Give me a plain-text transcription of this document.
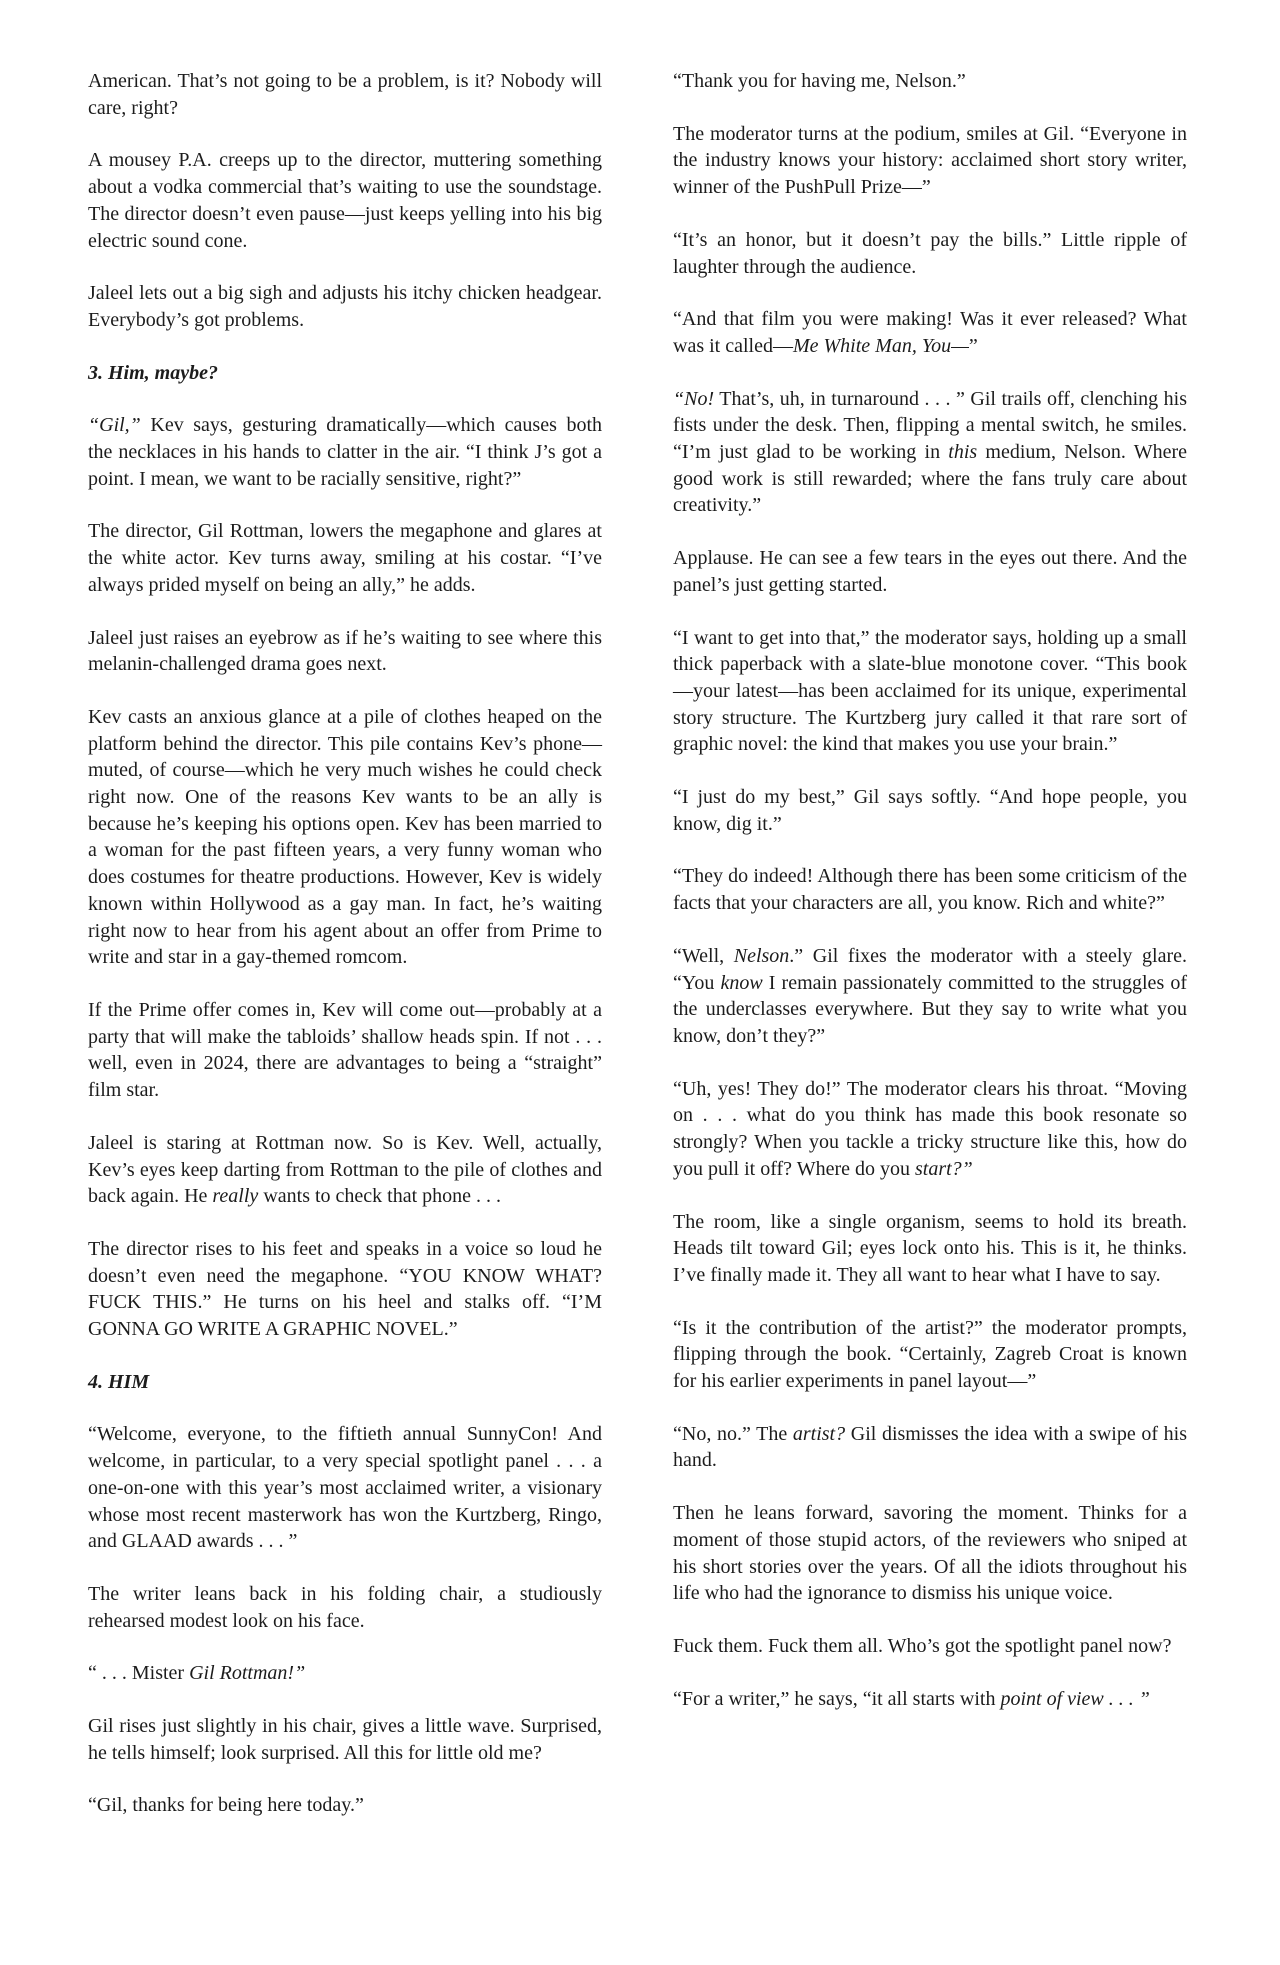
American. That’s not going to be a problem, is it? Nobody will care, right?

A mousey P.A. creeps up to the director, muttering something about a vodka commercial that’s waiting to use the soundstage. The director doesn’t even pause—just keeps yelling into his big electric sound cone.

Jaleel lets out a big sigh and adjusts his itchy chicken headgear. Everybody’s got problems.

3. Him, maybe?

“Gil,” Kev says, gesturing dramatically—which causes both the necklaces in his hands to clatter in the air. “I think J’s got a point. I mean, we want to be racially sensitive, right?”

The director, Gil Rottman, lowers the megaphone and glares at the white actor. Kev turns away, smiling at his costar. “I’ve always prided myself on being an ally,” he adds.

Jaleel just raises an eyebrow as if he’s waiting to see where this melanin-challenged drama goes next.

Kev casts an anxious glance at a pile of clothes heaped on the platform behind the director. This pile contains Kev’s phone—muted, of course—which he very much wishes he could check right now. One of the reasons Kev wants to be an ally is because he’s keeping his options open. Kev has been married to a woman for the past fifteen years, a very funny woman who does costumes for theatre productions. However, Kev is widely known within Hollywood as a gay man. In fact, he’s waiting right now to hear from his agent about an offer from Prime to write and star in a gay-themed romcom.

If the Prime offer comes in, Kev will come out—probably at a party that will make the tabloids’ shallow heads spin. If not . . . well, even in 2024, there are advantages to being a “straight” film star.

Jaleel is staring at Rottman now. So is Kev. Well, actually, Kev’s eyes keep darting from Rottman to the pile of clothes and back again. He really wants to check that phone . . .

The director rises to his feet and speaks in a voice so loud he doesn’t even need the megaphone. “YOU KNOW WHAT? FUCK THIS.” He turns on his heel and stalks off. “I’M GONNA GO WRITE A GRAPHIC NOVEL.”

4. HIM

“Welcome, everyone, to the fiftieth annual SunnyCon! And welcome, in particular, to a very special spotlight panel . . . a one-on-one with this year’s most acclaimed writer, a visionary whose most recent masterwork has won the Kurtzberg, Ringo, and GLAAD awards . . . ”

The writer leans back in his folding chair, a studiously rehearsed modest look on his face.

“ . . . Mister Gil Rottman!”

Gil rises just slightly in his chair, gives a little wave. Surprised, he tells himself; look surprised. All this for little old me?

“Gil, thanks for being here today.”

“Thank you for having me, Nelson.”

The moderator turns at the podium, smiles at Gil. “Everyone in the industry knows your history: acclaimed short story writer, winner of the PushPull Prize—”

“It’s an honor, but it doesn’t pay the bills.” Little ripple of laughter through the audience.

“And that film you were making! Was it ever released? What was it called—Me White Man, You—”

“No! That’s, uh, in turnaround . . . ” Gil trails off, clenching his fists under the desk. Then, flipping a mental switch, he smiles. “I’m just glad to be working in this medium, Nelson. Where good work is still rewarded; where the fans truly care about creativity.”

Applause. He can see a few tears in the eyes out there. And the panel’s just getting started.

“I want to get into that,” the moderator says, holding up a small thick paperback with a slate-blue monotone cover. “This book—your latest—has been acclaimed for its unique, experimental story structure. The Kurtzberg jury called it that rare sort of graphic novel: the kind that makes you use your brain.”

“I just do my best,” Gil says softly. “And hope people, you know, dig it.”

“They do indeed! Although there has been some criticism of the facts that your characters are all, you know. Rich and white?”

“Well, Nelson.” Gil fixes the moderator with a steely glare. “You know I remain passionately committed to the struggles of the underclasses everywhere. But they say to write what you know, don’t they?”

“Uh, yes! They do!” The moderator clears his throat. “Moving on . . . what do you think has made this book resonate so strongly? When you tackle a tricky structure like this, how do you pull it off? Where do you start?”

The room, like a single organism, seems to hold its breath. Heads tilt toward Gil; eyes lock onto his. This is it, he thinks. I’ve finally made it. They all want to hear what I have to say.

“Is it the contribution of the artist?” the moderator prompts, flipping through the book. “Certainly, Zagreb Croat is known for his earlier experiments in panel layout—”

“No, no.” The artist? Gil dismisses the idea with a swipe of his hand.

Then he leans forward, savoring the moment. Thinks for a moment of those stupid actors, of the reviewers who sniped at his short stories over the years. Of all the idiots throughout his life who had the ignorance to dismiss his unique voice.

Fuck them. Fuck them all. Who’s got the spotlight panel now?

“For a writer,” he says, “it all starts with point of view . . . ”
